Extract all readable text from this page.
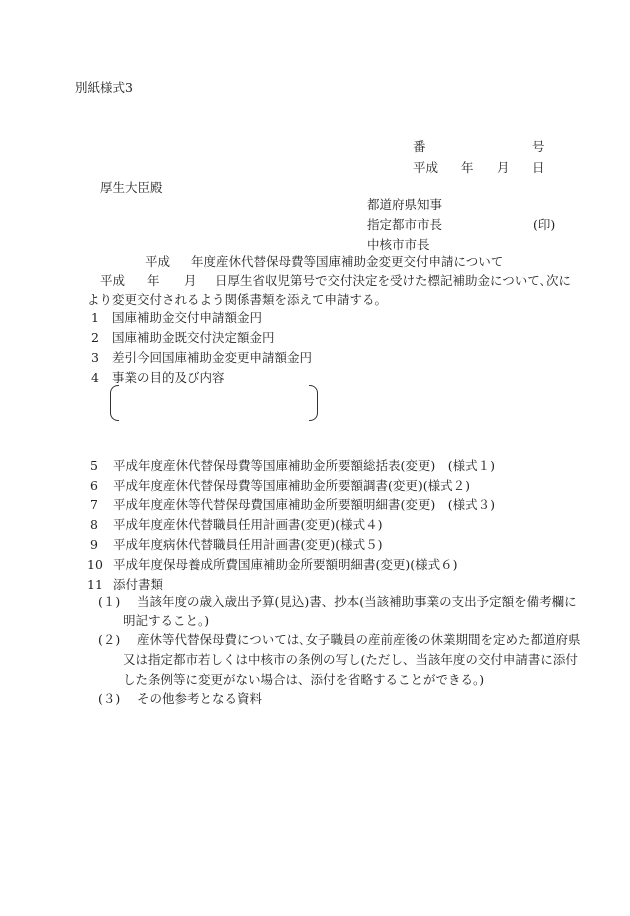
別紙様式3
番	号
平成 年 月 日
厚生大臣殿
都道府県知事
指定都市市長	(印)
中核市市長
平成 年度産休代替保母費等国庫補助金変更交付申請について
平成 年 月 日厚生省収児第号で交付決定を受けた標記補助金について､次に
より変更交付されるよう関係書類を添えて申請する。
1 国庫補助金交付申請額金円
2 国庫補助金既交付決定額金円
3 差引今回国庫補助金変更申請額金円
4 事業の目的及び内容
5 平成年度産休代替保母費等国庫補助金所要額総括表(変更)　(様式１)
6 平成年度産休代替保母費等国庫補助金所要額調書(変更)(様式２)
7 平成年度産休等代替保母費国庫補助金所要額明細書(変更)　(様式３)
8 平成年度産休代替職員任用計画書(変更)(様式４)
9 平成年度病休代替職員任用計画書(変更)(様式５)
10 平成年度保母養成所費国庫補助金所要額明細書(変更)(様式６)
11 添付書類
(１) 当該年度の歳入歳出予算(見込)書、抄本(当該補助事業の支出予定額を備考欄に
明記すること。)
(２) 産休等代替保母費については､女子職員の産前産後の休業期間を定めた都道府県
又は指定都市若しくは中核市の条例の写し(ただし、当該年度の交付申請書に添付
した条例等に変更がない場合は、添付を省略することができる。)
(３) その他参考となる資料
